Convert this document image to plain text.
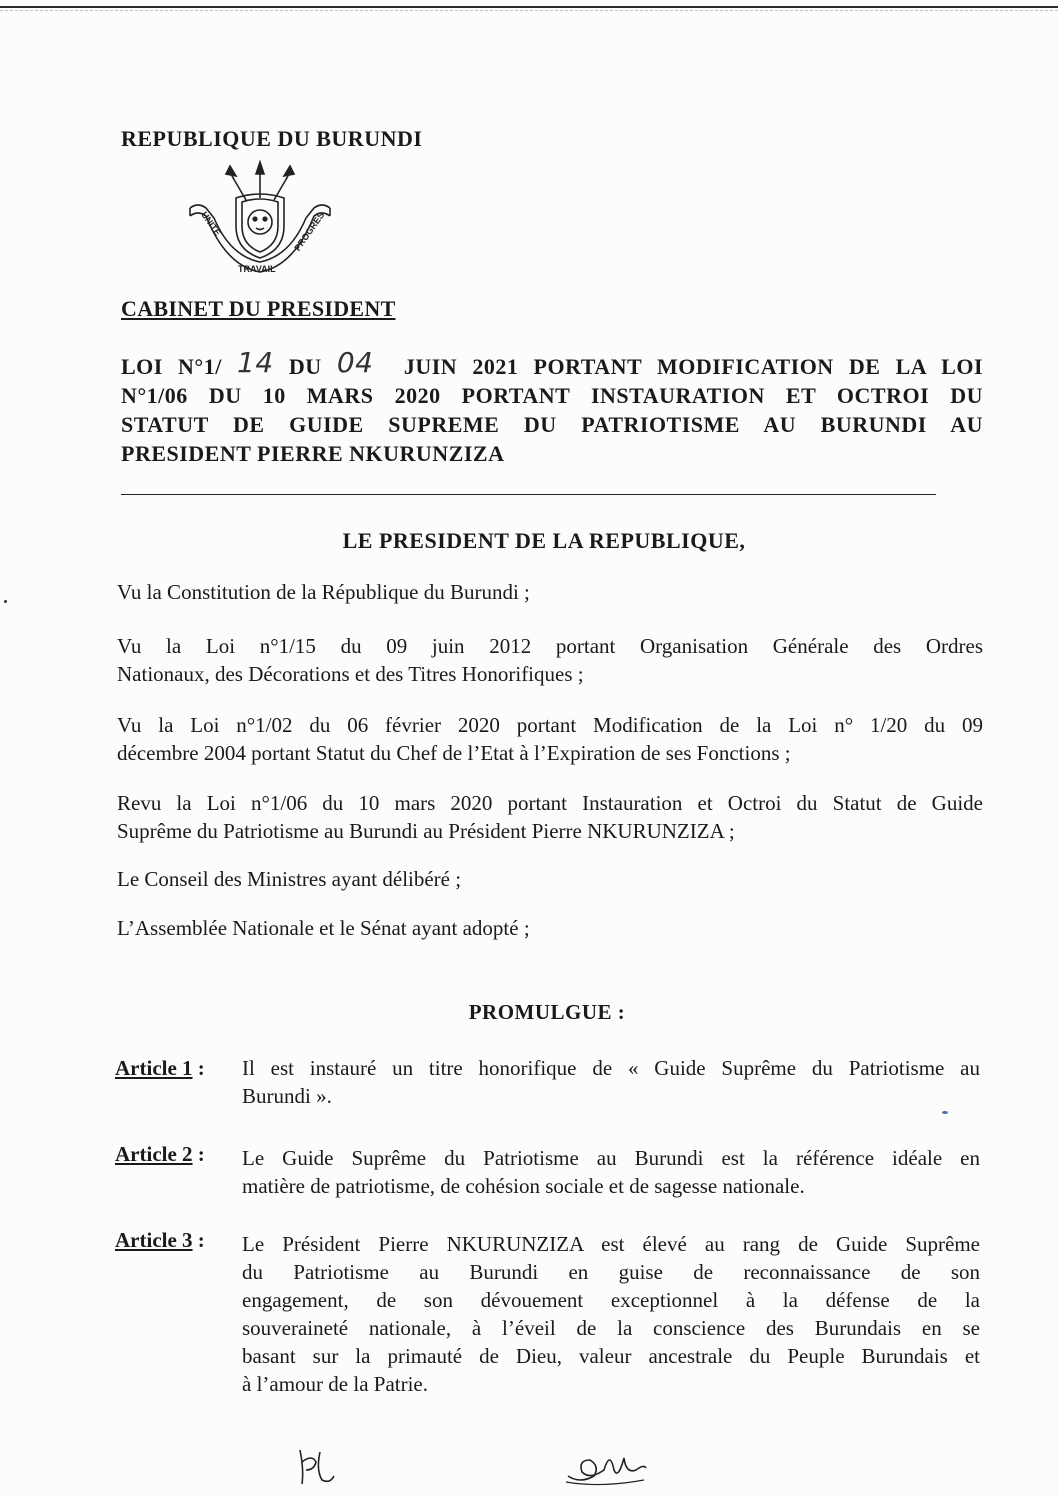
REPUBLIQUE DU BURUNDI
UNITE
TRAVAIL
PROGRES
CABINET DU PRESIDENT
LOI N°1/ 14 DU 04 JUIN 2021 PORTANT MODIFICATION DE LA LOI
N°1/06 DU 10 MARS 2020 PORTANT INSTAURATION ET OCTROI DU
STATUT DE GUIDE SUPREME DU PATRIOTISME AU BURUNDI AU
PRESIDENT PIERRE NKURUNZIZA
LE PRESIDENT DE LA REPUBLIQUE,
Vu la Constitution de la République du Burundi ;
Vu la Loi n°1/15 du 09 juin 2012 portant Organisation Générale des Ordres
Nationaux, des Décorations et des Titres Honorifiques ;
Vu la Loi n°1/02 du 06 février 2020 portant Modification de la Loi n° 1/20 du 09
décembre 2004 portant Statut du Chef de l’Etat à l’Expiration de ses Fonctions ;
Revu la Loi n°1/06 du 10 mars 2020 portant Instauration et Octroi du Statut de Guide
Suprême du Patriotisme au Burundi au Président Pierre NKURUNZIZA ;
Le Conseil des Ministres ayant délibéré ;
L’Assemblée Nationale et le Sénat ayant adopté ;
PROMULGUE :
Article 1 : Il est instauré un titre honorifique de « Guide Suprême du Patriotisme au
Burundi ».
Article 2 : Le Guide Suprême du Patriotisme au Burundi est la référence idéale en
matière de patriotisme, de cohésion sociale et de sagesse nationale.
Article 3 : Le Président Pierre NKURUNZIZA est élevé au rang de Guide Suprême
du Patriotisme au Burundi en guise de reconnaissance de son
engagement, de son dévouement exceptionnel à la défense de la
souveraineté nationale, à l’éveil de la conscience des Burundais en se
basant sur la primauté de Dieu, valeur ancestrale du Peuple Burundais et
à l’amour de la Patrie.
